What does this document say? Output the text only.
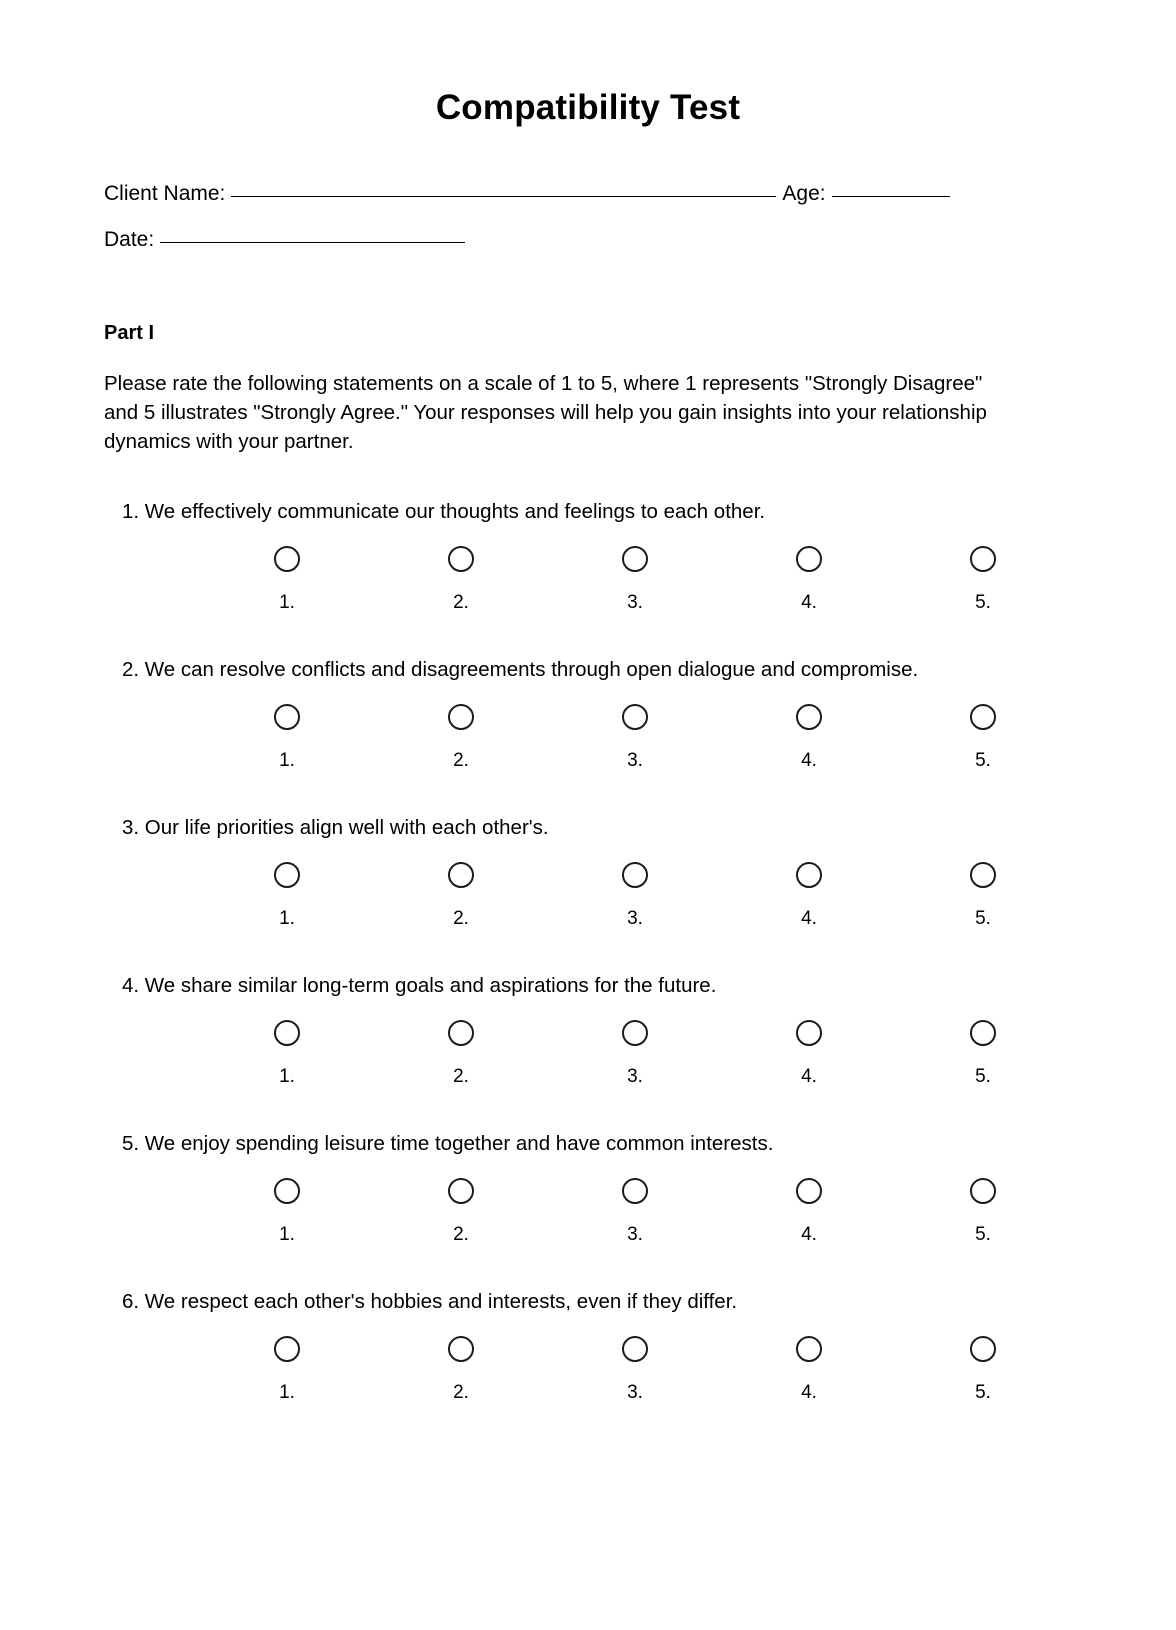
Compatibility Test
Client Name:	Age:
Date:
Part I

Please rate the following statements on a scale of 1 to 5, where 1 represents "Strongly Disagree" and 5 illustrates "Strongly Agree." Your responses will help you gain insights into your relationship dynamics with your partner.

1. We effectively communicate our thoughts and feelings to each other.
1.	2.	3.	4.	5.
2. We can resolve conflicts and disagreements through open dialogue and compromise.
1.	2.	3.	4.	5.
3. Our life priorities align well with each other's.
1.	2.	3.	4.	5.
4. We share similar long-term goals and aspirations for the future.
1.	2.	3.	4.	5.
5. We enjoy spending leisure time together and have common interests.
1.	2.	3.	4.	5.
6. We respect each other's hobbies and interests, even if they differ.
1.	2.	3.	4.	5.
